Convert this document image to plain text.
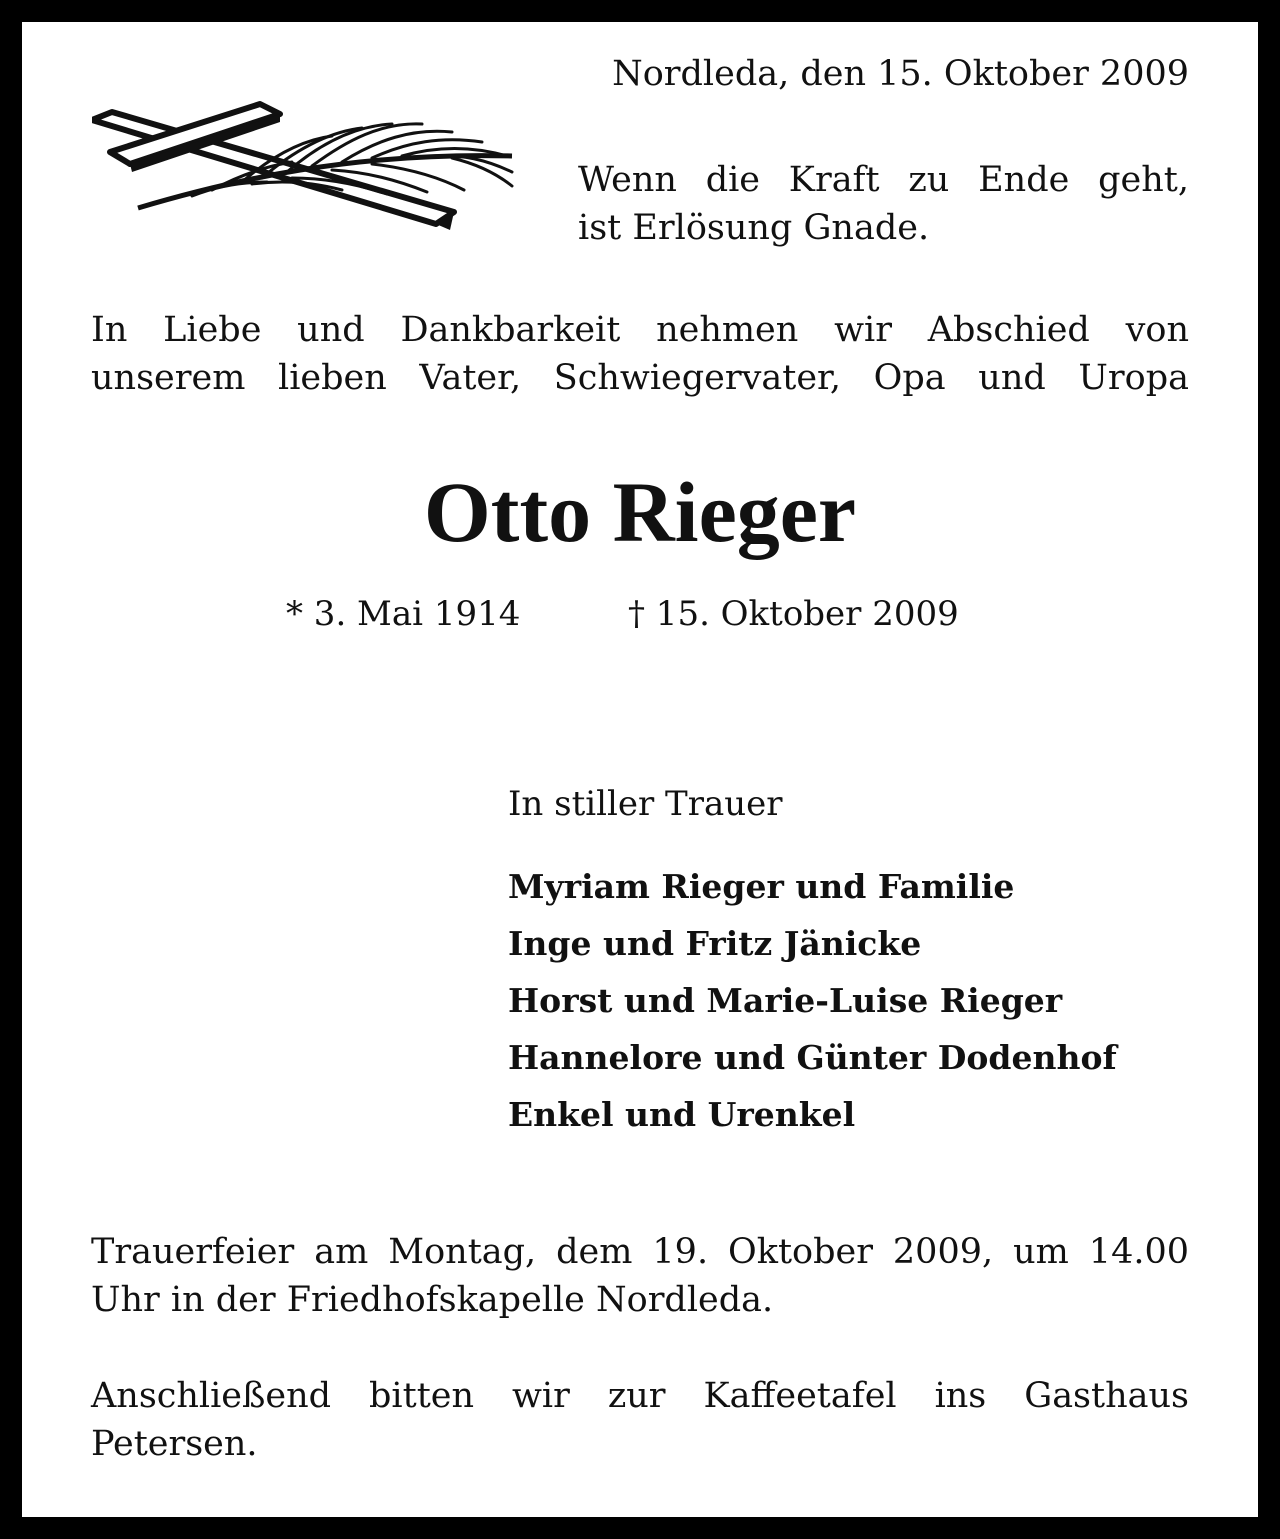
Nordleda, den 15. Oktober 2009

Wenn die Kraft zu Ende geht,
ist Erlösung Gnade.
In Liebe und Dankbarkeit nehmen wir Abschied von
unserem lieben Vater, Schwiegervater, Opa und Uropa
Otto Rieger

* 3. Mai 1914	† 15. Oktober 2009

In stiller Trauer

Myriam Rieger und Familie
Inge und Fritz Jänicke
Horst und Marie-Luise Rieger
Hannelore und Günter Dodenhof
Enkel und Urenkel
Trauerfeier am Montag, dem 19. Oktober 2009, um 14.00
Uhr in der Friedhofskapelle Nordleda.
Anschließend bitten wir zur Kaffeetafel ins Gasthaus
Petersen.
